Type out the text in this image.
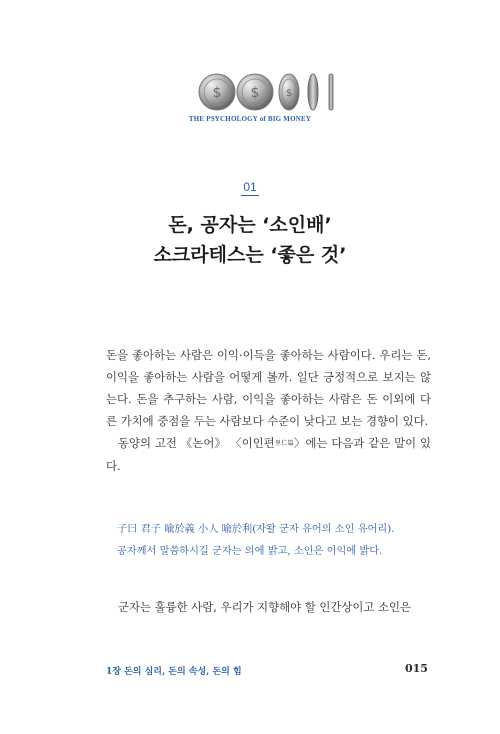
$ $	$
THE PSYCHOLOGY of BIG MONEY
01
돈, 공자는 ‘소인배’
소크라테스는 ‘좋은 것’

돈을 좋아하는 사람은 이익·이득을 좋아하는 사람이다. 우리는 돈, 이익을 좋아하는 사람을 어떻게 볼까. 일단 긍정적으로 보지는 않는다. 돈을 추구하는 사람, 이익을 좋아하는 사람은 돈 이외에 다른 가치에 중점을 두는 사람보다 수준이 낮다고 보는 경향이 있다.

동양의 고전 《논어》 〈이인편里仁篇〉에는 다음과 같은 말이 있다.

子曰 君子 喩於義 小人 喩於利(자왈 군자 유어의 소인 유어리).

공자께서 말씀하시길 군자는 의에 밝고, 소인은 이익에 밝다.

군자는 훌륭한 사람, 우리가 지향해야 할 인간상이고 소인은

1장 돈의 심리, 돈의 속성, 돈의 힘	015
